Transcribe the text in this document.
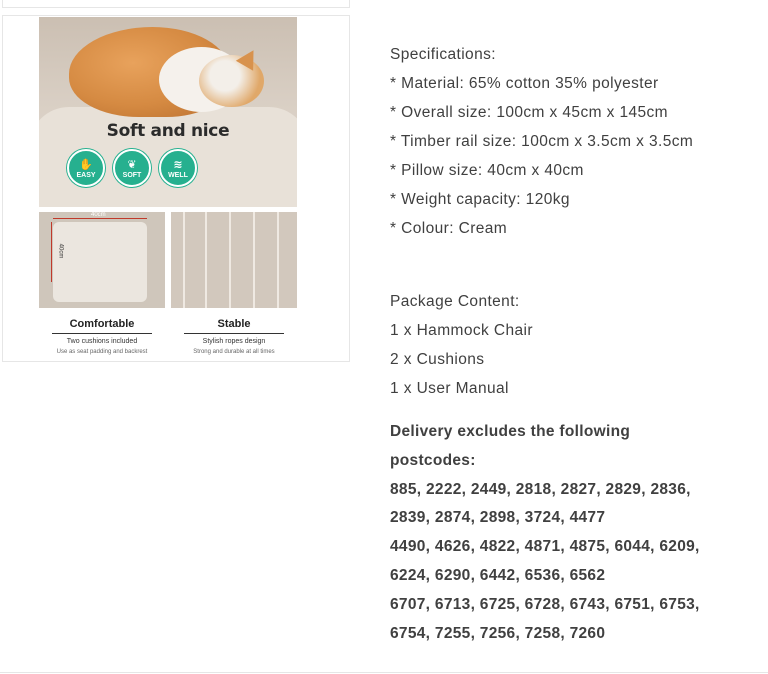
Soft and nice
✋
EASY
❦
SOFT
≋
WELL
40cm
40cm
Comfortable
Two cushions included
Use as seat padding and backrest
Stable
Stylish ropes design
Strong and durable at all times
Specifications:
* Material: 65% cotton 35% polyester
* Overall size: 100cm x 45cm x 145cm
* Timber rail size: 100cm x 3.5cm x 3.5cm
* Pillow size: 40cm x 40cm
* Weight capacity: 120kg
* Colour: Cream
Package Content:
1 x Hammock Chair
2 x Cushions
1 x User Manual
Delivery excludes the following
postcodes:
885, 2222, 2449, 2818, 2827, 2829, 2836,
2839, 2874, 2898, 3724, 4477
4490, 4626, 4822, 4871, 4875, 6044, 6209,
6224, 6290, 6442, 6536, 6562
6707, 6713, 6725, 6728, 6743, 6751, 6753,
6754, 7255, 7256, 7258, 7260
